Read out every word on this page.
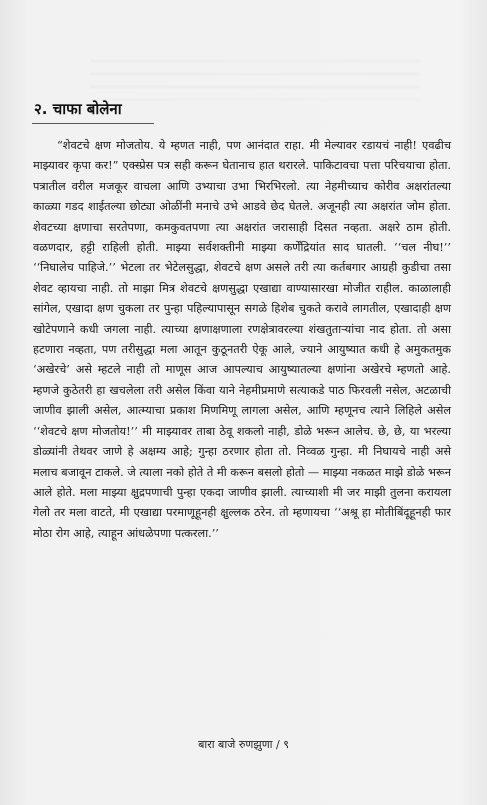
२. चाफा बोलेना

“शेवटचे क्षण मोजतोय. ये म्हणत नाही, पण आनंदात राहा. मी मेल्यावर रडायचं नाही! एवढीच माझ्यावर कृपा कर!” एक्स्प्रेस पत्र सही करून घेतानाच हात थरारले. पाकिटावचा पत्ता परिचयाचा होता. पत्रातील वरील मजकूर वाचला आणि उभ्याचा उभा भिरभिरलो. त्या नेहमीच्याच कोरीव अक्षरांतल्या काळ्या गडद शाईतल्या छोट्या ओळींनी मनाचे उभे आडवे छेद घेतले. अजूनही त्या अक्षरांत जोम होता. शेवटच्या क्षणाचा सरतेपणा, कमकुवतपणा त्या अक्षरांत जरासाही दिसत नव्हता. अक्षरे ठाम होती. वळणदार, हट्टी राहिली होती. माझ्या सर्वशक्तीनी माझ्या कर्णेंद्रियांत साद घातली. ‘‘चल नीघ!’’ ‘‘निघालेच पाहिजे.’’ भेटला तर भेटेलसुद्धा, शेवटचे क्षण असले तरी त्या कर्तबगार आग्रही कुडीचा तसा शेवट व्हायचा नाही. तो माझा मित्र शेवटचे क्षणसुद्धा एखाद्या वाण्यासारखा मोजीत राहील. काळालाही सांगेल, एखादा क्षण चुकला तर पुन्हा पहिल्यापासून सगळे हिशेब चुकते करावे लागतील, एखादाही क्षण खोटेपणाने कधी जगला नाही. त्याच्या क्षणाक्षणाला रणक्षेत्रावरल्या शंखतुताऱ्यांचा नाद होता. तो असा हटणारा नव्हता, पण तरीसुद्धा मला आतून कुठूनतरी ऐकू आले, ज्याने आयुष्यात कधी हे अमुकतमुक ‘अखेरचे’ असे म्हटले नाही तो माणूस आज आपल्याच आयुष्यातल्या क्षणांना अखेरचे म्हणतो आहे. म्हणजे कुठेतरी हा खचलेला तरी असेल किंवा याने नेहमीप्रमाणे सत्याकडे पाठ फिरवली नसेल, अटळाची जाणीव झाली असेल, आत्म्याचा प्रकाश मिणमिणू लागला असेल, आणि म्हणूनच त्याने लिहिले असेल ‘‘शेवटचे क्षण मोजतोय!’’ मी माझ्यावर ताबा ठेवू शकलो नाही, डोळे भरून आलेच. छे, छे, या भरल्या डोळ्यांनी तेथवर जाणे हे अक्षम्य आहे; गुन्हा ठरणार होता तो. निव्वळ गुन्हा. मी निघायचे नाही असे मलाच बजावून टाकले. जे त्याला नको होते ते मी करून बसलो होतो — माझ्या नकळत माझे डोळे भरून आले होते. मला माझ्या क्षुद्रपणाची पुन्हा एकदा जाणीव झाली. त्याच्याशी मी जर माझी तुलना करायला गेलो तर मला वाटते, मी एखाद्या परमाणूहूनही क्षुल्लक ठरेन. तो म्हणायचा ‘‘अश्रू हा मोतीबिंदूहूनही फार मोठा रोग आहे, त्याहून आंधळेपणा पत्करला.’’

बारा बाजे रुणझुणा / ९
